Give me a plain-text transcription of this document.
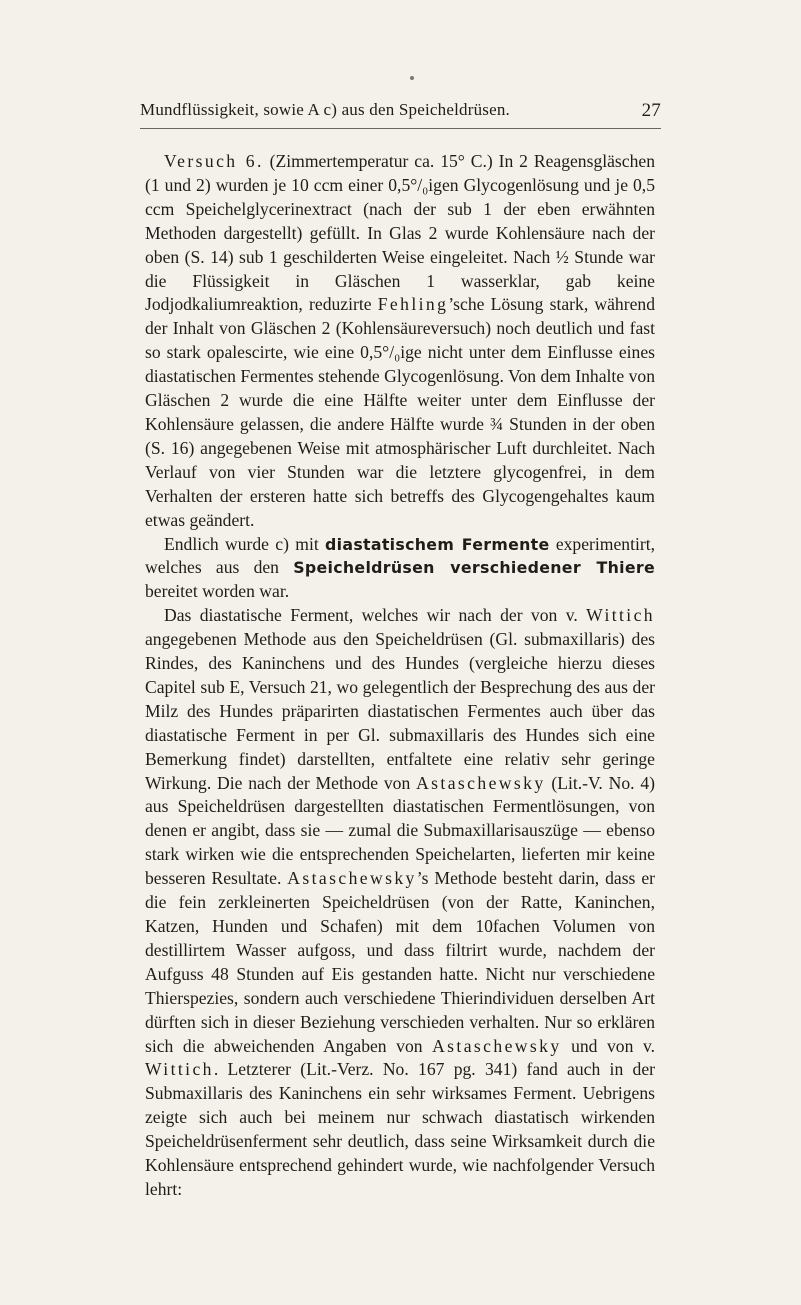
Mundflüssigkeit, sowie A c) aus den Speicheldrüsen.	27

Versuch 6. (Zimmertemperatur ca. 15° C.) In 2 Reagensgläschen (1 und 2) wurden je 10 ccm einer 0,5°/₀igen Glycogenlösung und je 0,5 ccm Speichelglycerinextract (nach der sub 1 der eben erwähnten Methoden dargestellt) gefüllt. In Glas 2 wurde Kohlensäure nach der oben (S. 14) sub 1 geschilderten Weise eingeleitet. Nach ½ Stunde war die Flüssigkeit in Gläschen 1 wasserklar, gab keine Jodjodkaliumreaktion, reduzirte Fehling’sche Lösung stark, während der Inhalt von Gläschen 2 (Kohlensäureversuch) noch deutlich und fast so stark opalescirte, wie eine 0,5°/₀ige nicht unter dem Einflusse eines diastatischen Fermentes stehende Glycogenlösung. Von dem Inhalte von Gläschen 2 wurde die eine Hälfte weiter unter dem Einflusse der Kohlensäure gelassen, die andere Hälfte wurde ¾ Stunden in der oben (S. 16) angegebenen Weise mit atmosphärischer Luft durchleitet. Nach Verlauf von vier Stunden war die letztere glycogenfrei, in dem Verhalten der ersteren hatte sich betreffs des Glycogengehaltes kaum etwas geändert.

Endlich wurde c) mit diastatischem Fermente experimentirt, welches aus den Speicheldrüsen verschiedener Thiere bereitet worden war.

Das diastatische Ferment, welches wir nach der von v. Wittich angegebenen Methode aus den Speicheldrüsen (Gl. submaxillaris) des Rindes, des Kaninchens und des Hundes (vergleiche hierzu dieses Capitel sub E, Versuch 21, wo gelegentlich der Besprechung des aus der Milz des Hundes präparirten diastatischen Fermentes auch über das diastatische Ferment in per Gl. submaxillaris des Hundes sich eine Bemerkung findet) darstellten, entfaltete eine relativ sehr geringe Wirkung. Die nach der Methode von Astaschewsky (Lit.-V. No. 4) aus Speicheldrüsen dargestellten diastatischen Fermentlösungen, von denen er angibt, dass sie — zumal die Submaxillarisauszüge — ebenso stark wirken wie die entsprechenden Speichelarten, lieferten mir keine besseren Resultate. Astaschewsky’s Methode besteht darin, dass er die fein zerkleinerten Speicheldrüsen (von der Ratte, Kaninchen, Katzen, Hunden und Schafen) mit dem 10fachen Volumen von destillirtem Wasser aufgoss, und dass filtrirt wurde, nachdem der Aufguss 48 Stunden auf Eis gestanden hatte. Nicht nur verschiedene Thierspezies, sondern auch verschiedene Thierindividuen derselben Art dürften sich in dieser Beziehung verschieden verhalten. Nur so erklären sich die abweichenden Angaben von Astaschewsky und von v. Wittich. Letzterer (Lit.-Verz. No. 167 pg. 341) fand auch in der Submaxillaris des Kaninchens ein sehr wirksames Ferment. Uebrigens zeigte sich auch bei meinem nur schwach diastatisch wirkenden Speicheldrüsenferment sehr deutlich, dass seine Wirksamkeit durch die Kohlensäure entsprechend gehindert wurde, wie nachfolgender Versuch lehrt:
